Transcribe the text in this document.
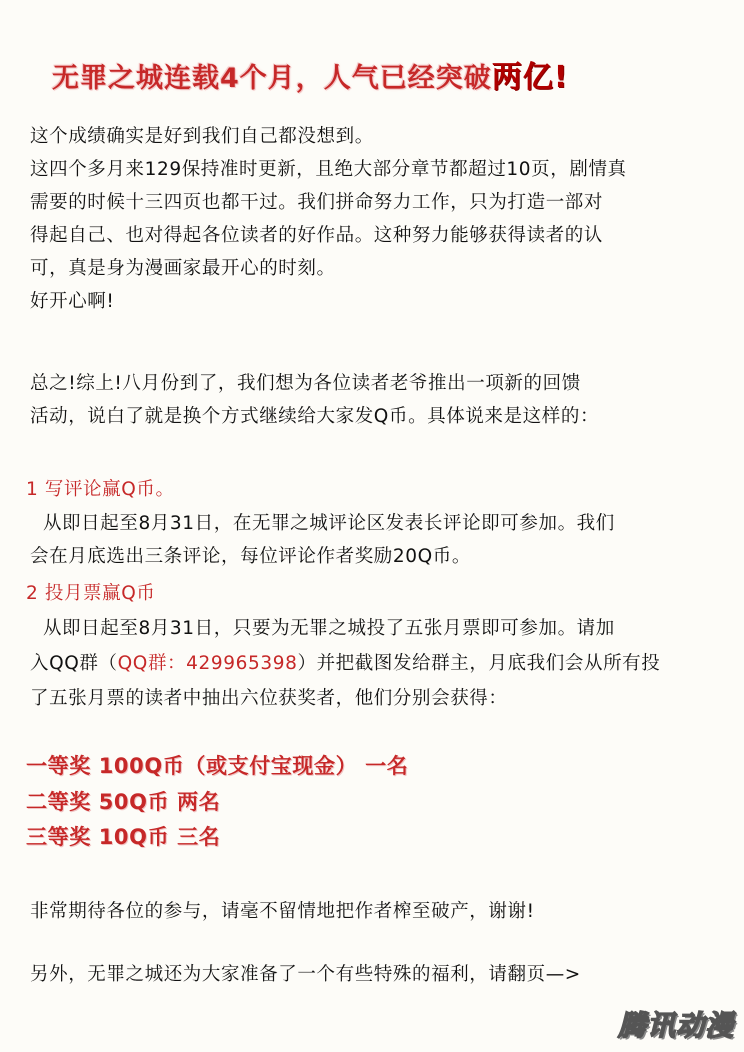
无罪之城连载4个月，人气已经突破两亿!
这个成绩确实是好到我们自己都没想到。
这四个多月来129保持准时更新，且绝大部分章节都超过10页，剧情真
需要的时候十三四页也都干过。我们拼命努力工作，只为打造一部对
得起自己、也对得起各位读者的好作品。这种努力能够获得读者的认
可，真是身为漫画家最开心的时刻。
好开心啊!
总之!综上!八月份到了，我们想为各位读者老爷推出一项新的回馈
活动，说白了就是换个方式继续给大家发Q币。具体说来是这样的：
1 写评论赢Q币。
从即日起至8月31日，在无罪之城评论区发表长评论即可参加。我们
会在月底选出三条评论，每位评论作者奖励20Q币。
2 投月票赢Q币
从即日起至8月31日，只要为无罪之城投了五张月票即可参加。请加
入QQ群（QQ群：429965398）并把截图发给群主，月底我们会从所有投
了五张月票的读者中抽出六位获奖者，他们分别会获得：
一等奖 100Q币（或支付宝现金） 一名
二等奖 50Q币 两名
三等奖 10Q币 三名
非常期待各位的参与，请毫不留情地把作者榨至破产，谢谢!
另外，无罪之城还为大家准备了一个有些特殊的福利，请翻页—>
腾讯动漫
